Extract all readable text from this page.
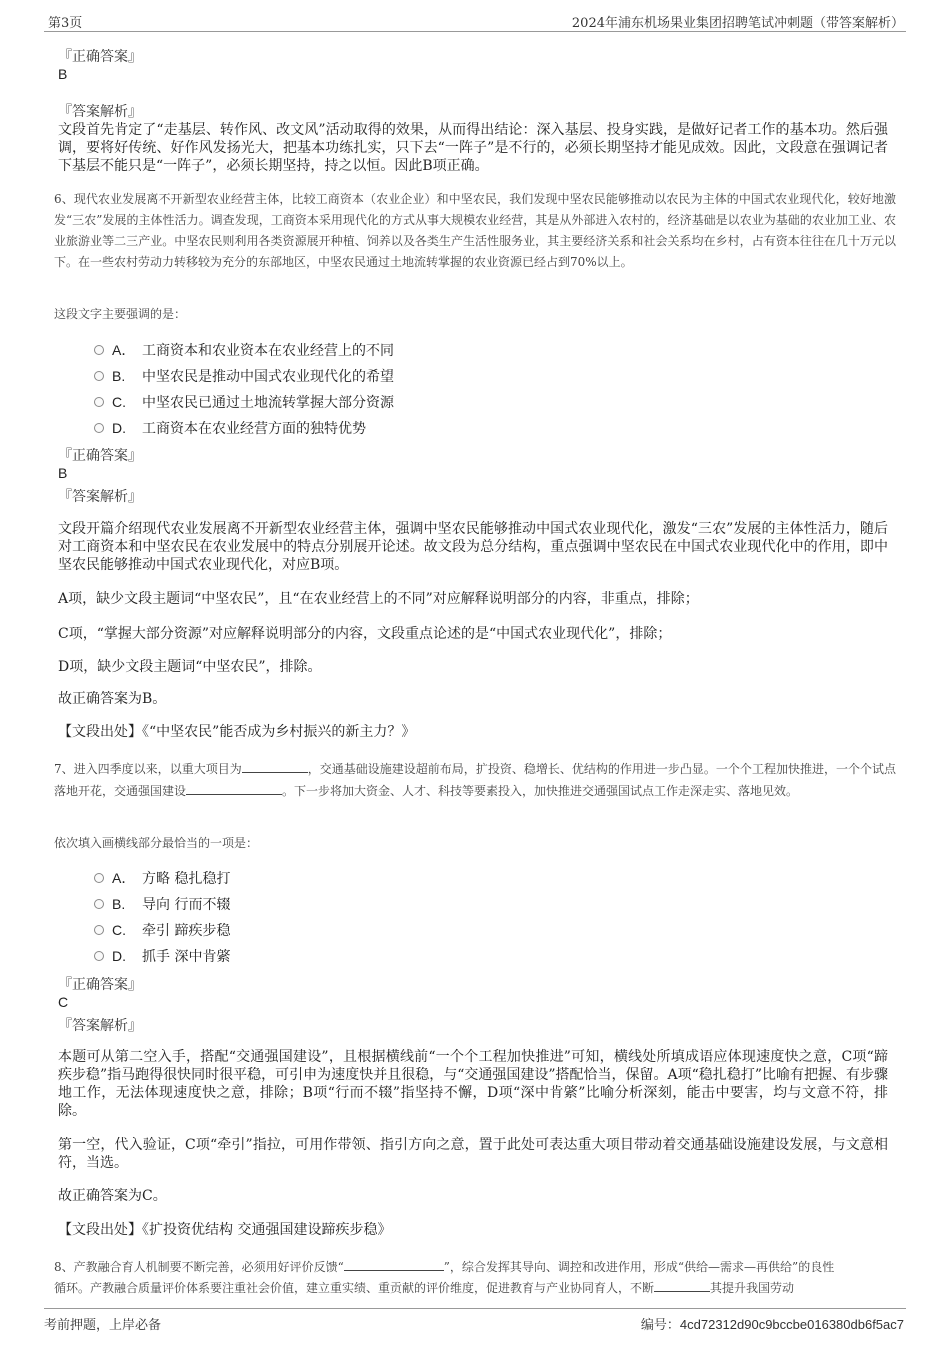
第3页	2024年浦东机场果业集团招聘笔试冲刺题（带答案解析）
『正确答案』
B
『答案解析』
文段首先肯定了“走基层、转作风、改文风”活动取得的效果，从而得出结论：深入基层、投身实践，是做好记者工作的基本功。然后强调，要将好传统、好作风发扬光大，把基本功练扎实，只下去“一阵子”是不行的，必须长期坚持才能见成效。因此，文段意在强调记者下基层不能只是“一阵子”，必须长期坚持，持之以恒。因此B项正确。
6、现代农业发展离不开新型农业经营主体，比较工商资本（农业企业）和中坚农民，我们发现中坚农民能够推动以农民为主体的中国式农业现代化，较好地激发“三农”发展的主体性活力。调查发现，工商资本采用现代化的方式从事大规模农业经营，其是从外部进入农村的，经济基础是以农业为基础的农业加工业、农业旅游业等二三产业。中坚农民则利用各类资源展开种植、饲养以及各类生产生活性服务业，其主要经济关系和社会关系均在乡村，占有资本往往在几十万元以下。在一些农村劳动力转移较为充分的东部地区，中坚农民通过土地流转掌握的农业资源已经占到70%以上。
这段文字主要强调的是：
A． 工商资本和农业资本在农业经营上的不同
B. 中坚农民是推动中国式农业现代化的希望
C. 中坚农民已通过土地流转掌握大部分资源
D. 工商资本在农业经营方面的独特优势
『正确答案』
B
『答案解析』
文段开篇介绍现代农业发展离不开新型农业经营主体，强调中坚农民能够推动中国式农业现代化，激发“三农”发展的主体性活力，随后对工商资本和中坚农民在农业发展中的特点分别展开论述。故文段为总分结构，重点强调中坚农民在中国式农业现代化中的作用，即中坚农民能够推动中国式农业现代化，对应B项。
A项，缺少文段主题词“中坚农民”，且“在农业经营上的不同”对应解释说明部分的内容，非重点，排除；
C项，“掌握大部分资源”对应解释说明部分的内容，文段重点论述的是“中国式农业现代化”，排除；
D项，缺少文段主题词“中坚农民”，排除。
故正确答案为B。
【文段出处】《“中坚农民”能否成为乡村振兴的新主力？》
7、进入四季度以来，以重大项目为	，交通基础设施建设超前布局，扩投资、稳增长、优结构的作用进一步凸显。一个个工程加快推进，一个个试点落地开花，交通强国建设	。下一步将加大资金、人才、科技等要素投入，加快推进交通强国试点工作走深走实、落地见效。
依次填入画横线部分最恰当的一项是：
A． 方略 稳扎稳打
B. 导向 行而不辍
C. 牵引 蹄疾步稳
D. 抓手 深中肯綮
『正确答案』
C
『答案解析』
本题可从第二空入手，搭配“交通强国建设”，且根据横线前“一个个工程加快推进”可知，横线处所填成语应体现速度快之意，C项“蹄疾步稳”指马跑得很快同时很平稳，可引申为速度快并且很稳，与“交通强国建设”搭配恰当，保留。A项“稳扎稳打”比喻有把握、有步骤地工作，无法体现速度快之意，排除；B项“行而不辍”指坚持不懈，D项“深中肯綮”比喻分析深刻，能击中要害，均与文意不符，排除。
第一空，代入验证，C项“牵引”指拉，可用作带领、指引方向之意，置于此处可表达重大项目带动着交通基础设施建设发展，与文意相符，当选。
故正确答案为C。
【文段出处】《扩投资优结构 交通强国建设蹄疾步稳》
8、产教融合育人机制要不断完善，必须用好评价反馈“	”，综合发挥其导向、调控和改进作用，形成“供给—需求—再供给”的良性
循环。产教融合质量评价体系要注重社会价值，建立重实绩、重贡献的评价维度，促进教育与产业协同育人，不断	其提升我国劳动
考前押题，上岸必备	编号：4cd72312d90c9bccbe016380db6f5ac7
